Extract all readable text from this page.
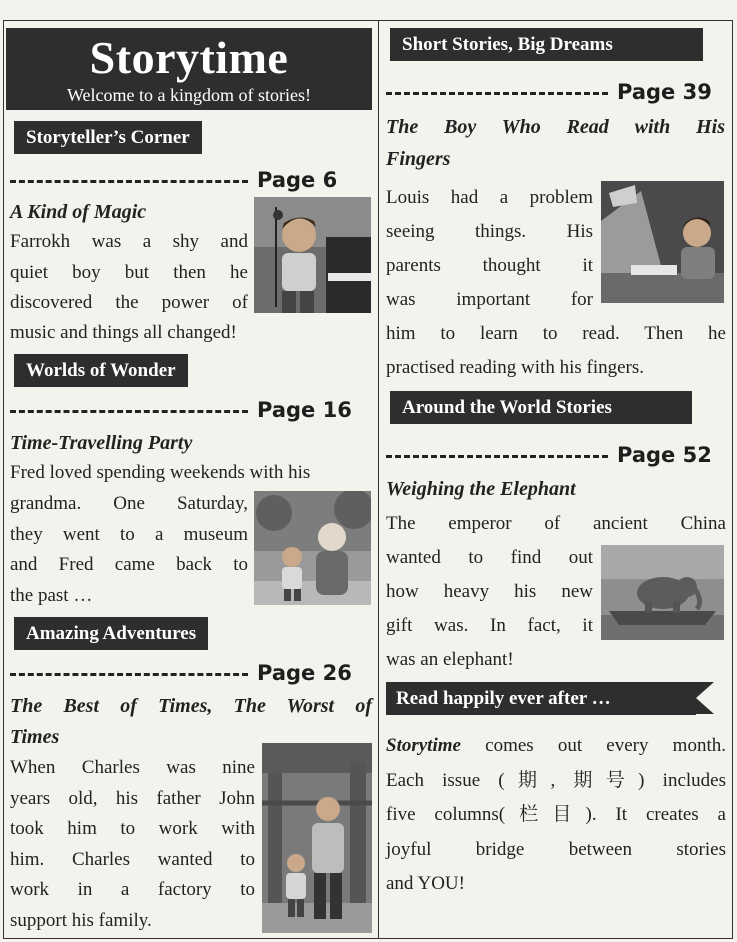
Storytime
Welcome to a kingdom of stories!
Storyteller’s Corner
Page 6
A Kind of Magic
Farrokh was a shy and
quiet boy but then he
discovered the power of
music and things all changed!
Worlds of Wonder
Page 16
Time-Travelling Party
Fred loved spending weekends with his
grandma. One Saturday,
they went to a museum
and Fred came back to
the past …
Amazing Adventures
Page 26
The Best of Times, The Worst of
Times
When Charles was nine
years old, his father John
took him to work with
him. Charles wanted to
work in a factory to
support his family.
Short Stories, Big Dreams
Page 39
The Boy Who Read with His
Fingers
Louis had a problem
seeing things. His
parents thought it
was important for
him to learn to read. Then he
practised reading with his fingers.
Around the World Stories
Page 52
Weighing the Elephant
The emperor of ancient China
wanted to find out
how heavy his new
gift was. In fact, it
was an elephant!
Read happily ever after …
Storytime comes out every month.
Each issue (期, 期号) includes
five columns(栏目). It creates a
joyful bridge between stories
and YOU!
